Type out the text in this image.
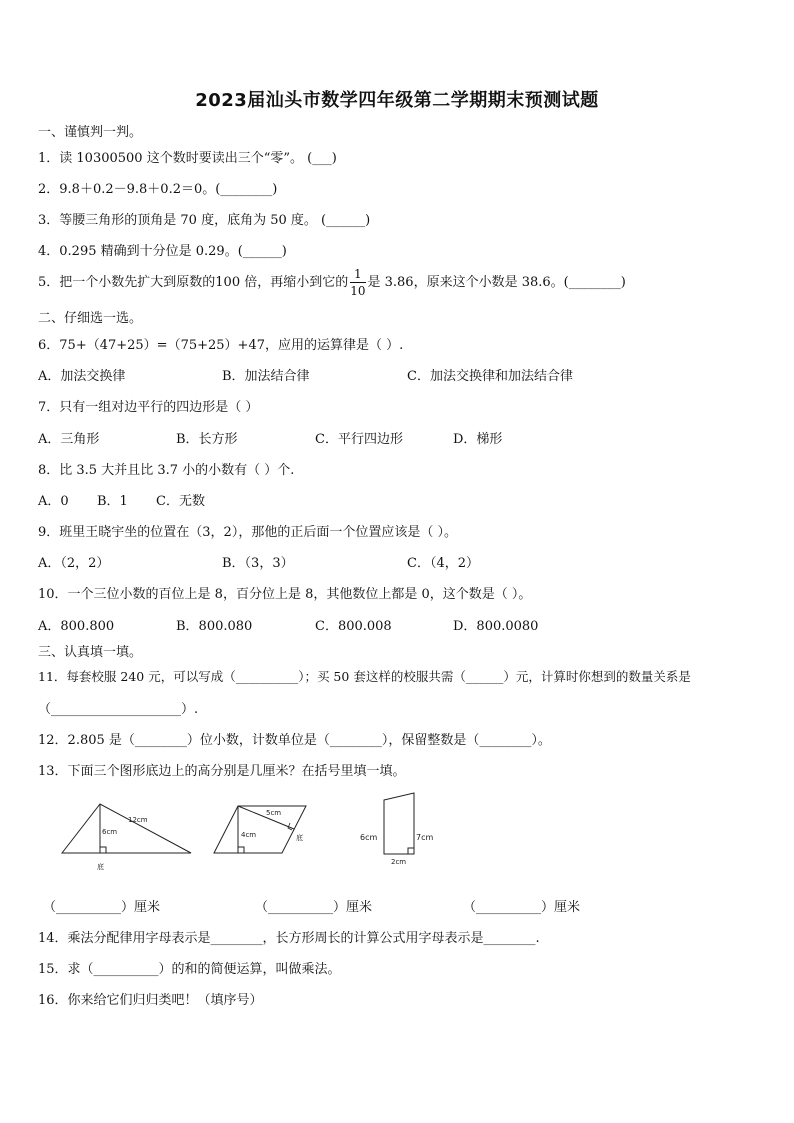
2023届汕头市数学四年级第二学期期末预测试题
一、谨慎判一判。
1．读 10300500 这个数时要读出三个“零”。 (___)
2．9.8＋0.2－9.8＋0.2＝0。(________)
3．等腰三角形的顶角是 70 度，底角为 50 度。 (______)
4．0.295 精确到十分位是 0.29。(______)
5．把一个小数先扩大到原数的100 倍，再缩小到它的 $\frac{1}{10}$ 是 3.86，原来这个小数是 38.6。(________)
二、仔细选一选。
6．75+（47+25）=（75+25）+47，应用的运算律是（ ）.
A．加法交换律	B．加法结合律	C．加法交换律和加法结合律
7．只有一组对边平行的四边形是（ ）
A．三角形	B．长方形	C．平行四边形	D．梯形
8．比 3.5 大并且比 3.7 小的小数有（ ）个.
A．0 B．1 C．无数
9．班里王晓宇坐的位置在（3，2），那他的正后面一个位置应该是（ ）。
A．（2，2）	B．（3，3）	C．（4，2）
10．一个三位小数的百位上是 8，百分位上是 8，其他数位上都是 0，这个数是（ ）。
A．800.800	B．800.080	C．800.008	D．800.0080
三、认真填一填。
11．每套校服 240 元，可以写成（__________）；买 50 套这样的校服共需（______）元，计算时你想到的数量关系是
（____________________）.
12．2.805 是（________）位小数，计数单位是（________），保留整数是（________）。
13．下面三个图形底边上的高分别是几厘米？在括号里填一填。
12cm
6cm
底
5cm
4cm	底	6cm	7cm
2cm
（__________）厘米	（__________）厘米	（__________）厘米
14．乘法分配律用字母表示是________，长方形周长的计算公式用字母表示是________.
15．求（__________）的和的简便运算，叫做乘法。
16．你来给它们归归类吧！（填序号）
